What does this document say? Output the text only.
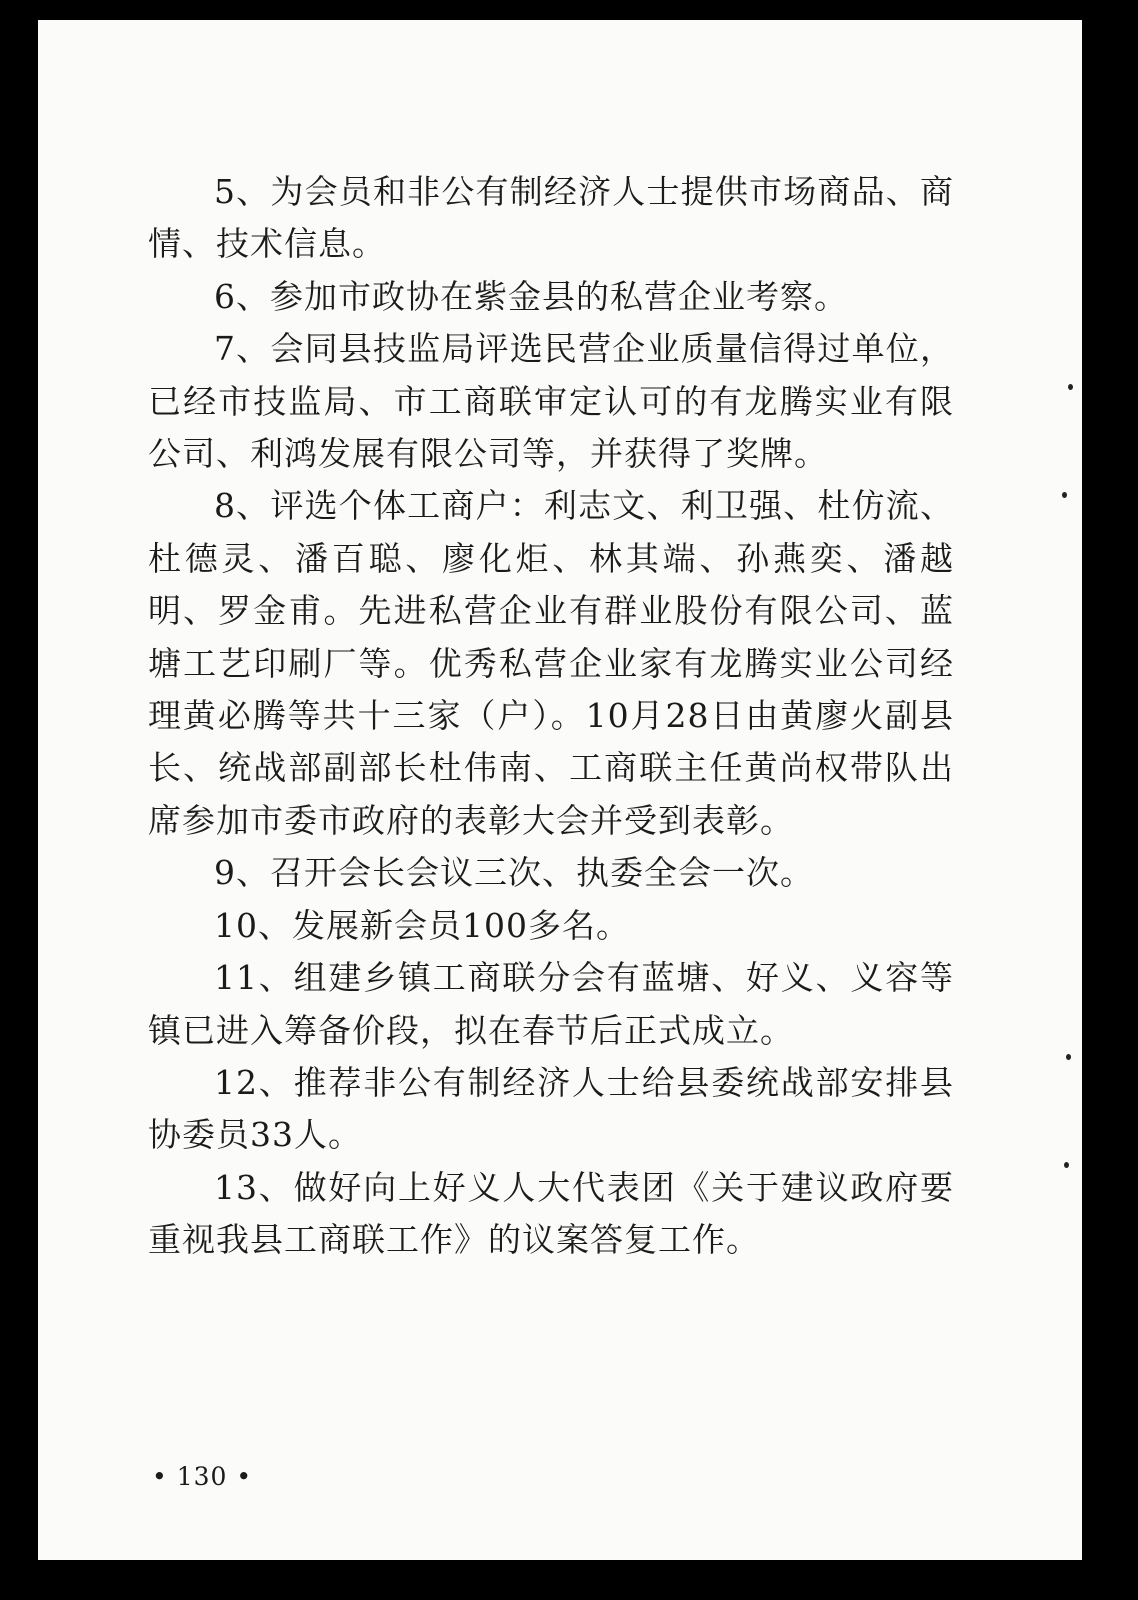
5、为会员和非公有制经济人士提供市场商品、商情、技术信息。

6、参加市政协在紫金县的私营企业考察。

7、会同县技监局评选民营企业质量信得过单位，已经市技监局、市工商联审定认可的有龙腾实业有限公司、利鸿发展有限公司等，并获得了奖牌。

8、评选个体工商户：利志文、利卫强、杜仿流、杜德灵、潘百聪、廖化炬、林其端、孙燕奕、潘越明、罗金甫。先进私营企业有群业股份有限公司、蓝塘工艺印刷厂等。优秀私营企业家有龙腾实业公司经理黄必腾等共十三家（户）。10月28日由黄廖火副县长、统战部副部长杜伟南、工商联主任黄尚权带队出席参加市委市政府的表彰大会并受到表彰。

9、召开会长会议三次、执委全会一次。

10、发展新会员100多名。

11、组建乡镇工商联分会有蓝塘、好义、义容等镇已进入筹备价段，拟在春节后正式成立。

12、推荐非公有制经济人士给县委统战部安排县协委员33人。

13、做好向上好义人大代表团《关于建议政府要重视我县工商联工作》的议案答复工作。

• 130 •
